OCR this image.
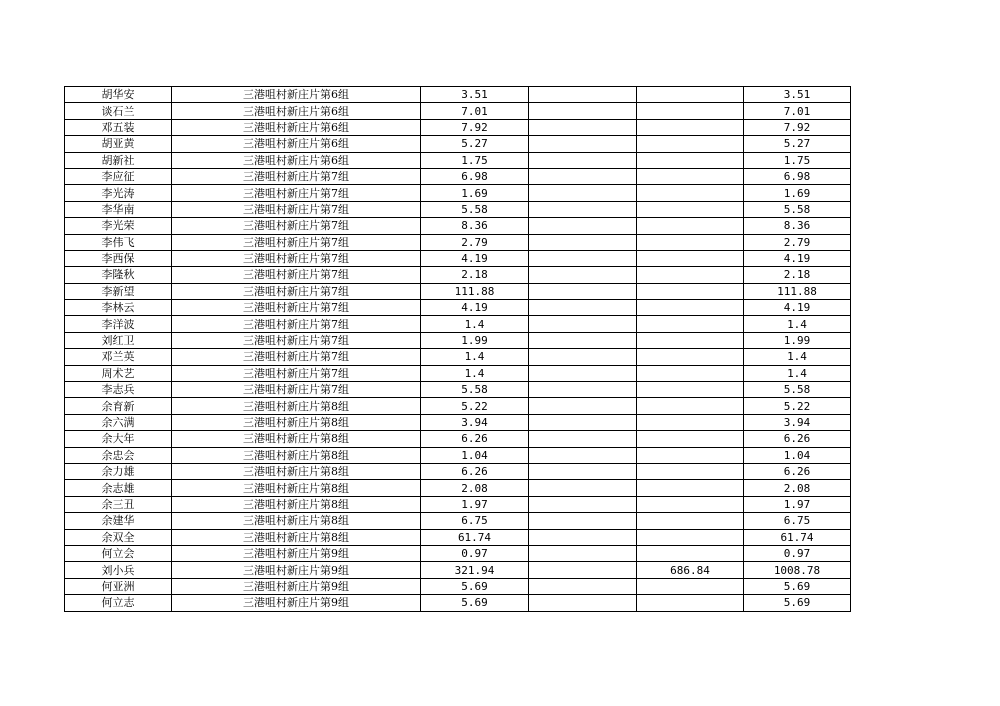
胡华安	三港咀村新庄片第6组	3.51			3.51
谈石兰	三港咀村新庄片第6组	7.01			7.01
邓五装	三港咀村新庄片第6组	7.92			7.92
胡亚黄	三港咀村新庄片第6组	5.27			5.27
胡新社	三港咀村新庄片第6组	1.75			1.75
李应征	三港咀村新庄片第7组	6.98			6.98
李光涛	三港咀村新庄片第7组	1.69			1.69
李华南	三港咀村新庄片第7组	5.58			5.58
李光荣	三港咀村新庄片第7组	8.36			8.36
李伟飞	三港咀村新庄片第7组	2.79			2.79
李西保	三港咀村新庄片第7组	4.19			4.19
李隆秋	三港咀村新庄片第7组	2.18			2.18
李新望	三港咀村新庄片第7组	111.88			111.88
李林云	三港咀村新庄片第7组	4.19			4.19
李洋波	三港咀村新庄片第7组	1.4			1.4
刘红卫	三港咀村新庄片第7组	1.99			1.99
邓兰英	三港咀村新庄片第7组	1.4			1.4
周术艺	三港咀村新庄片第7组	1.4			1.4
李志兵	三港咀村新庄片第7组	5.58			5.58
余育新	三港咀村新庄片第8组	5.22			5.22
余六满	三港咀村新庄片第8组	3.94			3.94
余大年	三港咀村新庄片第8组	6.26			6.26
余忠会	三港咀村新庄片第8组	1.04			1.04
余力雄	三港咀村新庄片第8组	6.26			6.26
余志雄	三港咀村新庄片第8组	2.08			2.08
余三丑	三港咀村新庄片第8组	1.97			1.97
余建华	三港咀村新庄片第8组	6.75			6.75
余双全	三港咀村新庄片第8组	61.74			61.74
何立会	三港咀村新庄片第9组	0.97			0.97
刘小兵	三港咀村新庄片第9组	321.94		686.84	1008.78
何亚洲	三港咀村新庄片第9组	5.69			5.69
何立志	三港咀村新庄片第9组	5.69			5.69
